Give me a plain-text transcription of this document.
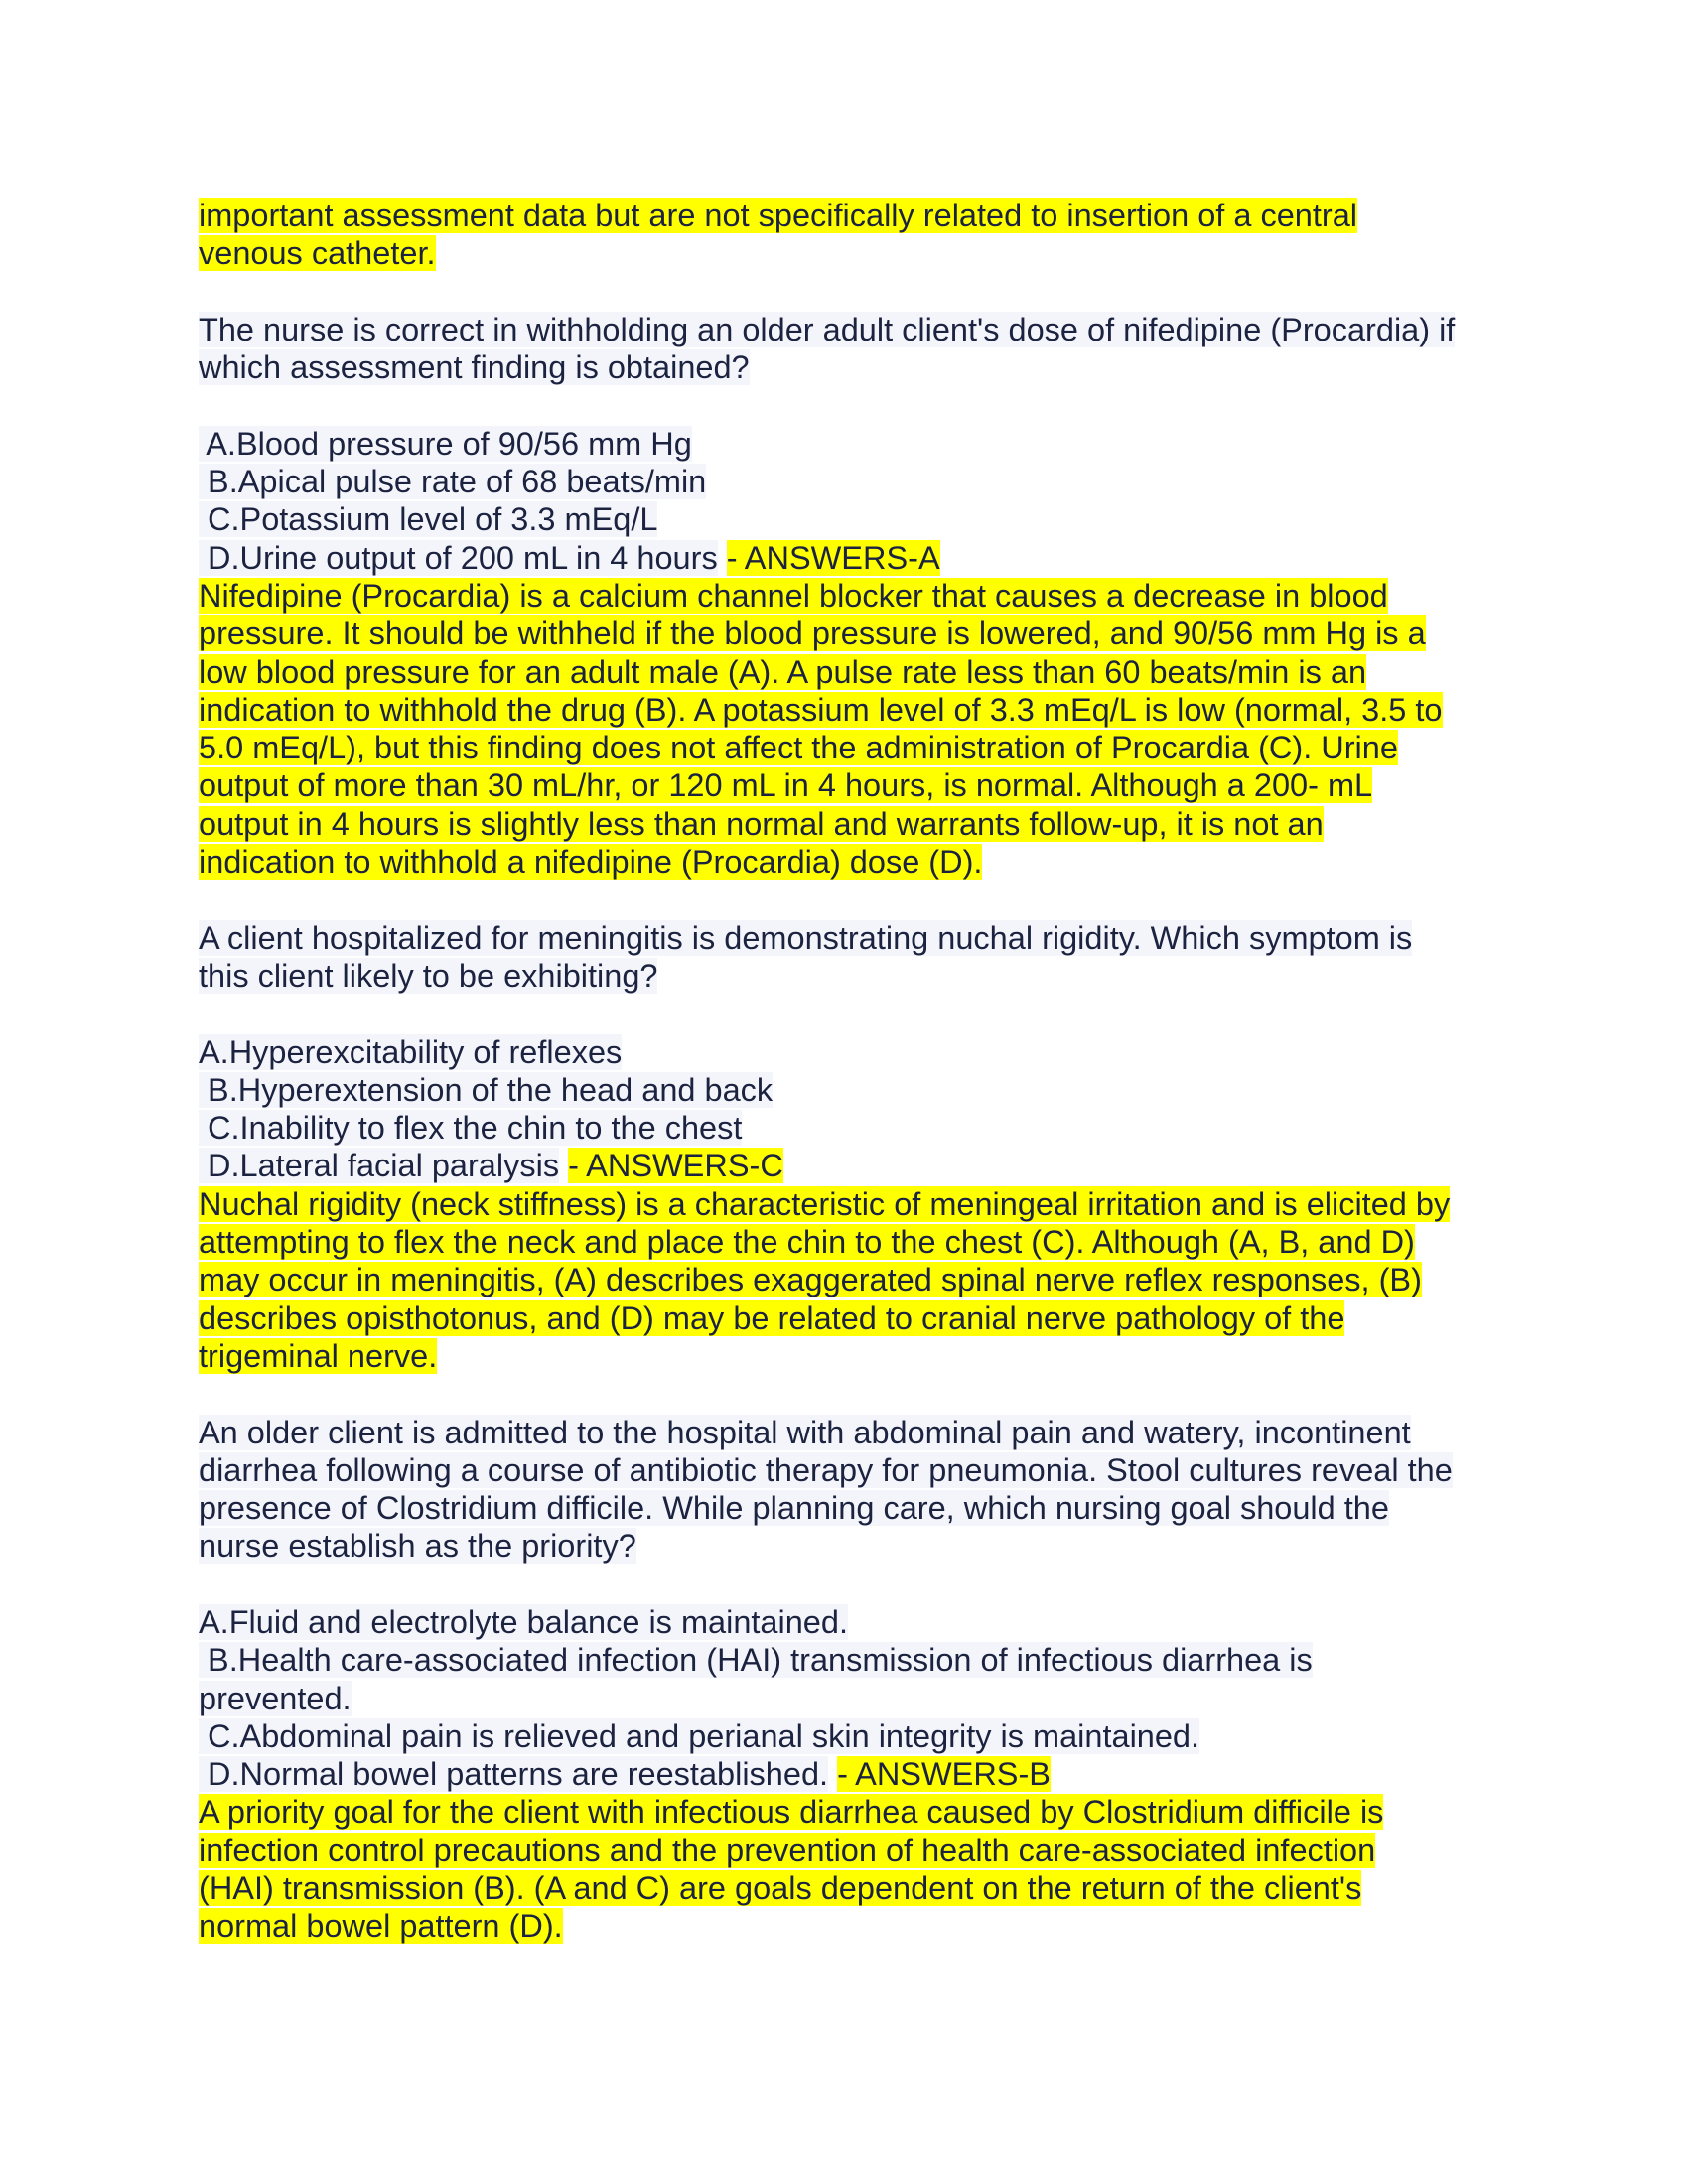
important assessment data but are not specifically related to insertion of a central
venous catheter.
The nurse is correct in withholding an older adult client's dose of nifedipine (Procardia) if
which assessment finding is obtained?
A.Blood pressure of 90/56 mm Hg
B.Apical pulse rate of 68 beats/min
C.Potassium level of 3.3 mEq/L
D.Urine output of 200 mL in 4 hours - ANSWERS-A
Nifedipine (Procardia) is a calcium channel blocker that causes a decrease in blood
pressure. It should be withheld if the blood pressure is lowered, and 90/56 mm Hg is a
low blood pressure for an adult male (A). A pulse rate less than 60 beats/min is an
indication to withhold the drug (B). A potassium level of 3.3 mEq/L is low (normal, 3.5 to
5.0 mEq/L), but this finding does not affect the administration of Procardia (C). Urine
output of more than 30 mL/hr, or 120 mL in 4 hours, is normal. Although a 200- mL
output in 4 hours is slightly less than normal and warrants follow-up, it is not an
indication to withhold a nifedipine (Procardia) dose (D).
A client hospitalized for meningitis is demonstrating nuchal rigidity. Which symptom is
this client likely to be exhibiting?
A.Hyperexcitability of reflexes
B.Hyperextension of the head and back
C.Inability to flex the chin to the chest
D.Lateral facial paralysis - ANSWERS-C
Nuchal rigidity (neck stiffness) is a characteristic of meningeal irritation and is elicited by
attempting to flex the neck and place the chin to the chest (C). Although (A, B, and D)
may occur in meningitis, (A) describes exaggerated spinal nerve reflex responses, (B)
describes opisthotonus, and (D) may be related to cranial nerve pathology of the
trigeminal nerve.
An older client is admitted to the hospital with abdominal pain and watery, incontinent
diarrhea following a course of antibiotic therapy for pneumonia. Stool cultures reveal the
presence of Clostridium difficile. While planning care, which nursing goal should the
nurse establish as the priority?
A.Fluid and electrolyte balance is maintained.
B.Health care-associated infection (HAI) transmission of infectious diarrhea is
prevented.
C.Abdominal pain is relieved and perianal skin integrity is maintained.
D.Normal bowel patterns are reestablished. - ANSWERS-B
A priority goal for the client with infectious diarrhea caused by Clostridium difficile is
infection control precautions and the prevention of health care-associated infection
(HAI) transmission (B). (A and C) are goals dependent on the return of the client's
normal bowel pattern (D).
